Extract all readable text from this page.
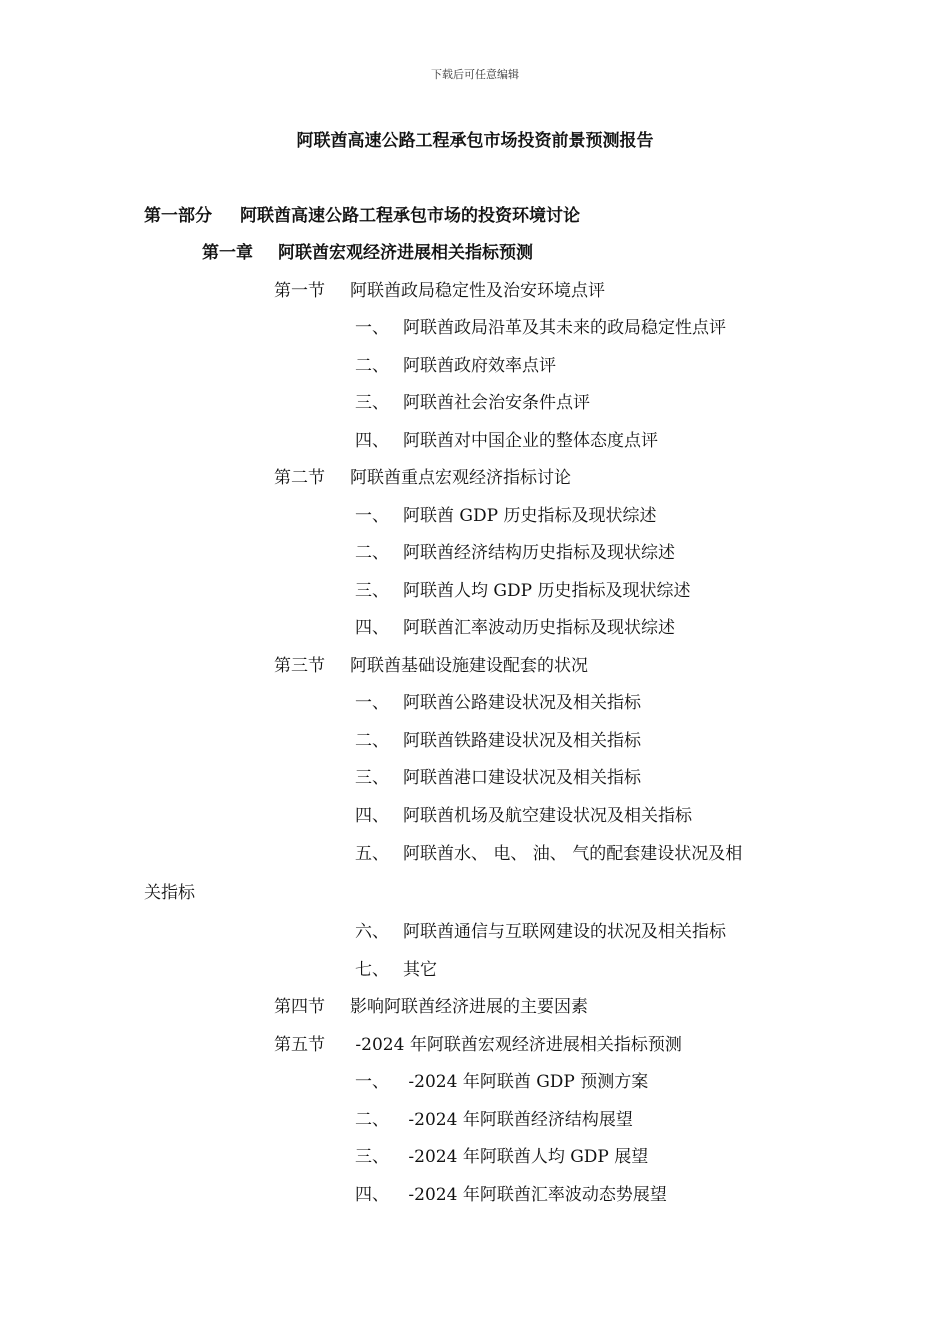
下载后可任意编辑
阿联酋高速公路工程承包市场投资前景预测报告
第一部分 阿联酋高速公路工程承包市场的投资环境讨论
第一章 阿联酋宏观经济进展相关指标预测
第一节 阿联酋政局稳定性及治安环境点评
一、 阿联酋政局沿革及其未来的政局稳定性点评
二、 阿联酋政府效率点评
三、 阿联酋社会治安条件点评
四、 阿联酋对中国企业的整体态度点评
第二节 阿联酋重点宏观经济指标讨论
一、 阿联酋 GDP 历史指标及现状综述
二、 阿联酋经济结构历史指标及现状综述
三、 阿联酋人均 GDP 历史指标及现状综述
四、 阿联酋汇率波动历史指标及现状综述
第三节 阿联酋基础设施建设配套的状况
一、 阿联酋公路建设状况及相关指标
二、 阿联酋铁路建设状况及相关指标
三、 阿联酋港口建设状况及相关指标
四、 阿联酋机场及航空建设状况及相关指标
五、 阿联酋水、 电、 油、 气的配套建设状况及相
关指标
六、 阿联酋通信与互联网建设的状况及相关指标
七、 其它
第四节 影响阿联酋经济进展的主要因素
第五节 -2024 年阿联酋宏观经济进展相关指标预测
一、 -2024 年阿联酋 GDP 预测方案
二、 -2024 年阿联酋经济结构展望
三、 -2024 年阿联酋人均 GDP 展望
四、 -2024 年阿联酋汇率波动态势展望
